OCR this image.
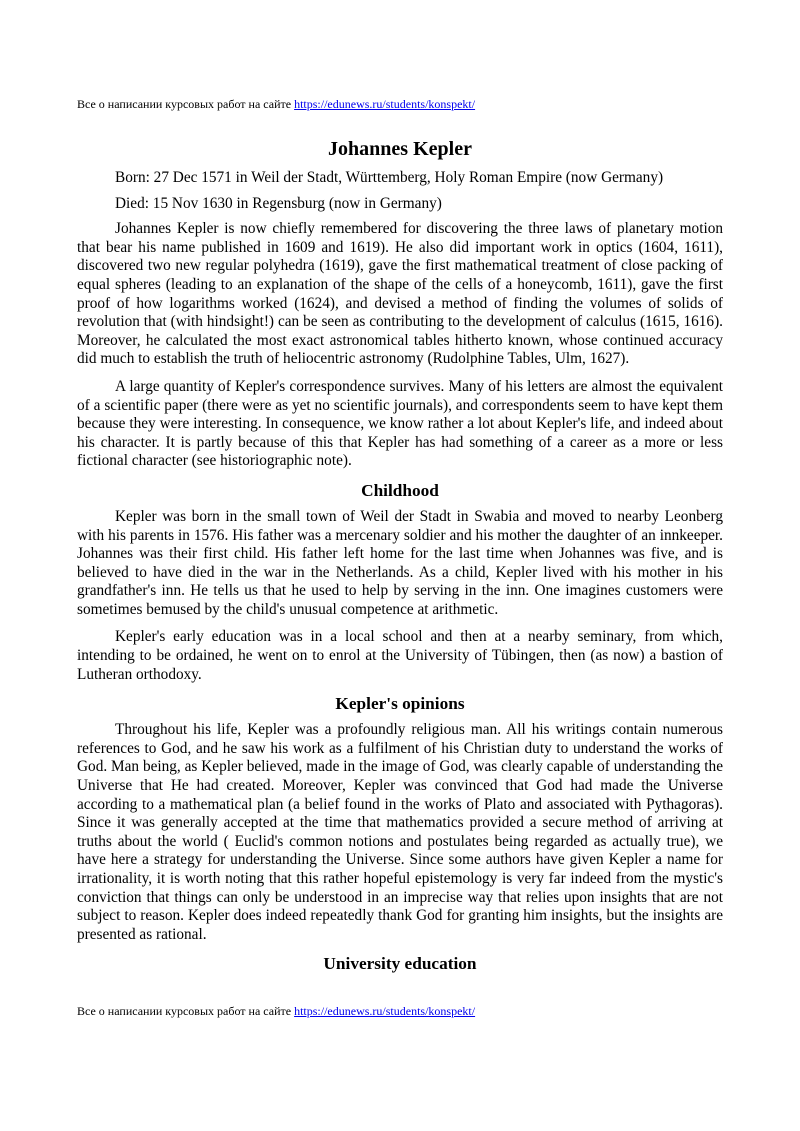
Все о написании курсовых работ на сайте https://edunews.ru/students/konspekt/
Johannes Kepler

Born: 27 Dec 1571 in Weil der Stadt, Württemberg, Holy Roman Empire (now Germany)

Died: 15 Nov 1630 in Regensburg (now in Germany)

Johannes Kepler is now chiefly remembered for discovering the three laws of planetary motion that bear his name published in 1609 and 1619). He also did important work in optics (1604, 1611), discovered two new regular polyhedra (1619), gave the first mathematical treatment of close packing of equal spheres (leading to an explanation of the shape of the cells of a honeycomb, 1611), gave the first proof of how logarithms worked (1624), and devised a method of finding the volumes of solids of revolution that (with hindsight!) can be seen as contributing to the development of calculus (1615, 1616). Moreover, he calculated the most exact astronomical tables hitherto known, whose continued accuracy did much to establish the truth of heliocentric astronomy (Rudolphine Tables, Ulm, 1627).

A large quantity of Kepler's correspondence survives. Many of his letters are almost the equivalent of a scientific paper (there were as yet no scientific journals), and correspondents seem to have kept them because they were interesting. In consequence, we know rather a lot about Kepler's life, and indeed about his character. It is partly because of this that Kepler has had something of a career as a more or less fictional character (see historiographic note).

Childhood

Kepler was born in the small town of Weil der Stadt in Swabia and moved to nearby Leonberg with his parents in 1576. His father was a mercenary soldier and his mother the daughter of an innkeeper. Johannes was their first child. His father left home for the last time when Johannes was five, and is believed to have died in the war in the Netherlands. As a child, Kepler lived with his mother in his grandfather's inn. He tells us that he used to help by serving in the inn. One imagines customers were sometimes bemused by the child's unusual competence at arithmetic.

Kepler's early education was in a local school and then at a nearby seminary, from which, intending to be ordained, he went on to enrol at the University of Tübingen, then (as now) a bastion of Lutheran orthodoxy.

Kepler's opinions

Throughout his life, Kepler was a profoundly religious man. All his writings contain numerous references to God, and he saw his work as a fulfilment of his Christian duty to understand the works of God. Man being, as Kepler believed, made in the image of God, was clearly capable of understanding the Universe that He had created. Moreover, Kepler was convinced that God had made the Universe according to a mathematical plan (a belief found in the works of Plato and associated with Pythagoras). Since it was generally accepted at the time that mathematics provided a secure method of arriving at truths about the world ( Euclid's common notions and postulates being regarded as actually true), we have here a strategy for understanding the Universe. Since some authors have given Kepler a name for irrationality, it is worth noting that this rather hopeful epistemology is very far indeed from the mystic's conviction that things can only be understood in an imprecise way that relies upon insights that are not subject to reason. Kepler does indeed repeatedly thank God for granting him insights, but the insights are presented as rational.

University education
Все о написании курсовых работ на сайте https://edunews.ru/students/konspekt/
